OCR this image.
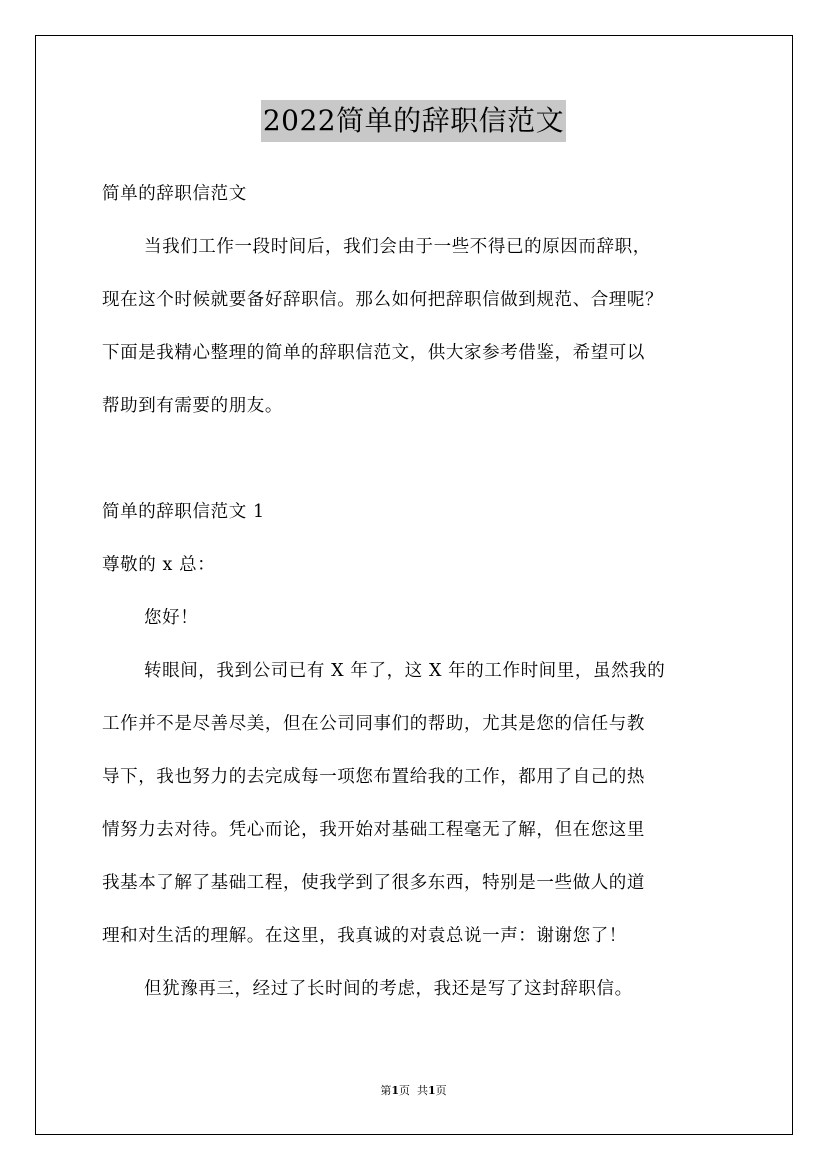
2022简单的辞职信范文
简单的辞职信范文
当我们工作一段时间后，我们会由于一些不得已的原因而辞职，
现在这个时候就要备好辞职信。那么如何把辞职信做到规范、合理呢？
下面是我精心整理的简单的辞职信范文，供大家参考借鉴，希望可以
帮助到有需要的朋友。
简单的辞职信范文 1
尊敬的 x 总：
您好！
转眼间，我到公司已有 X 年了，这 X 年的工作时间里，虽然我的
工作并不是尽善尽美，但在公司同事们的帮助，尤其是您的信任与教
导下，我也努力的去完成每一项您布置给我的工作，都用了自己的热
情努力去对待。凭心而论，我开始对基础工程毫无了解，但在您这里
我基本了解了基础工程，使我学到了很多东西，特别是一些做人的道
理和对生活的理解。在这里，我真诚的对袁总说一声：谢谢您了！
但犹豫再三，经过了长时间的考虑，我还是写了这封辞职信。
第1页 共1页
